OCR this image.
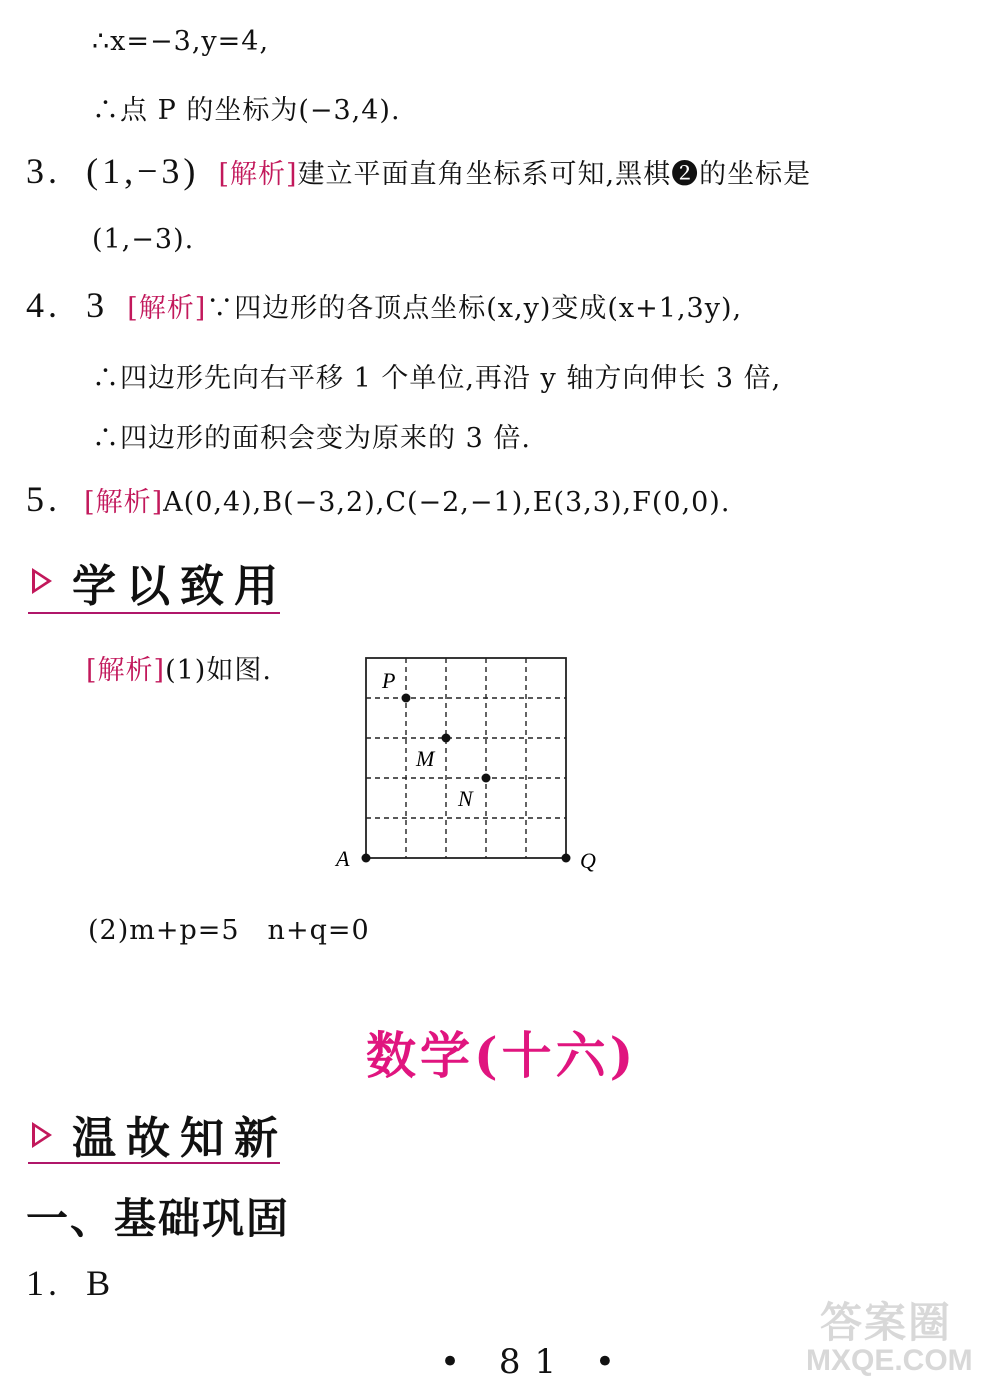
∴x=−3,y=4,
∴点 P 的坐标为(−3,4).
3. (1,−3) [解析]建立平面直角坐标系可知,黑棋❷的坐标是
(1,−3).
4. 3 [解析]∵四边形的各顶点坐标(x,y)变成(x+1,3y),
∴四边形先向右平移 1 个单位,再沿 y 轴方向伸长 3 倍,
∴四边形的面积会变为原来的 3 倍.
5. [解析]A(0,4),B(−3,2),C(−2,−1),E(3,3),F(0,0).
学以致用
[解析](1)如图.	P
M
N
A	Q
(2)m+p=5　n+q=0
数学(十六)
温故知新
一、基础巩固
1. B
• 81 •
答案圈
MXQE.COM
